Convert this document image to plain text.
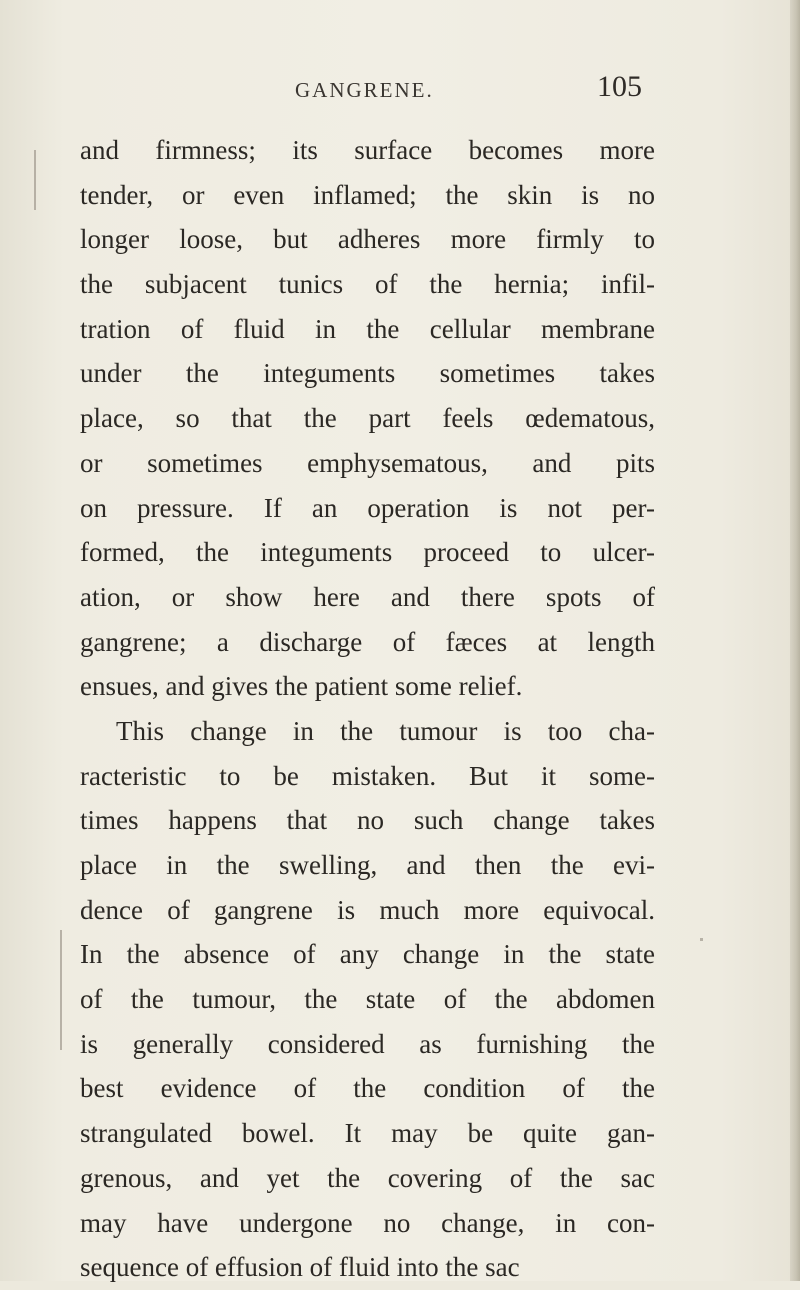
GANGRENE.	105
and firmness; its surface becomes more
tender, or even inflamed; the skin is no
longer loose, but adheres more firmly to
the subjacent tunics of the hernia; infil-
tration of fluid in the cellular membrane
under the integuments sometimes takes
place, so that the part feels œdematous,
or sometimes emphysematous, and pits
on pressure. If an operation is not per-
formed, the integuments proceed to ulcer-
ation, or show here and there spots of
gangrene; a discharge of fæces at length
ensues, and gives the patient some relief.
This change in the tumour is too cha-
racteristic to be mistaken. But it some-
times happens that no such change takes
place in the swelling, and then the evi-
dence of gangrene is much more equivocal.
In the absence of any change in the state
of the tumour, the state of the abdomen
is generally considered as furnishing the
best evidence of the condition of the
strangulated bowel. It may be quite gan-
grenous, and yet the covering of the sac
may have undergone no change, in con-
sequence of effusion of fluid into the sac
